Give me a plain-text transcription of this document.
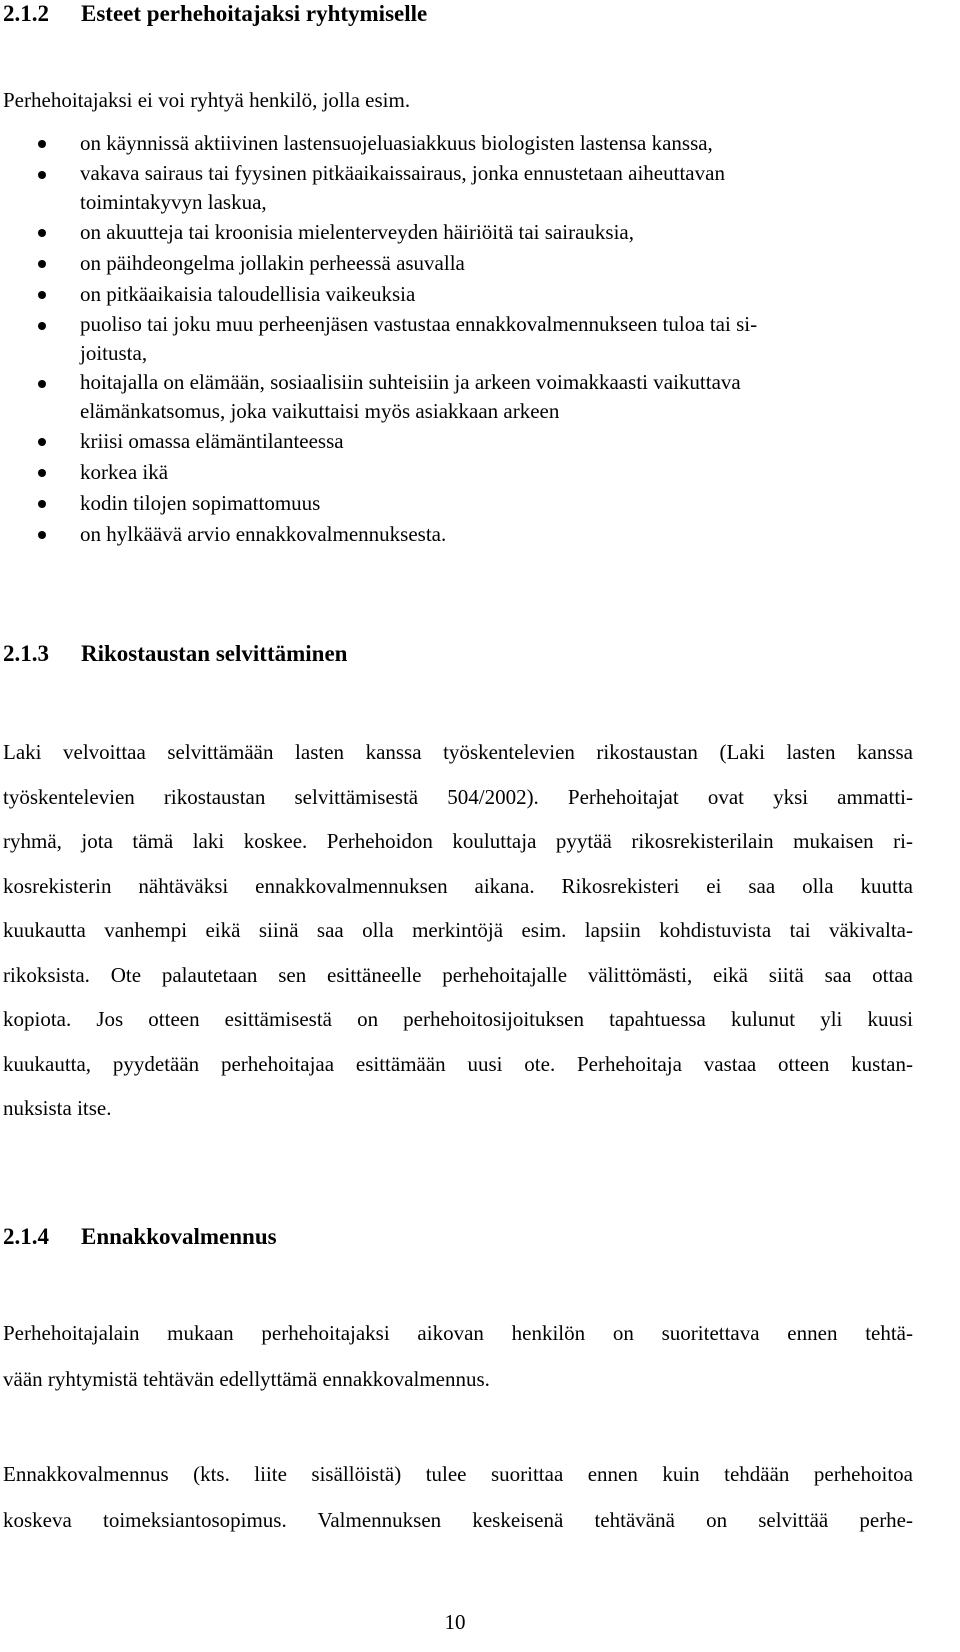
2.1.2 Esteet perhehoitajaksi ryhtymiselle
Perhehoitajaksi ei voi ryhtyä henkilö, jolla esim.
on käynnissä aktiivinen lastensuojeluasiakkuus biologisten lastensa kanssa,
vakava sairaus tai fyysinen pitkäaikaissairaus, jonka ennustetaan aiheuttavan
toimintakyvyn laskua,
on akuutteja tai kroonisia mielenterveyden häiriöitä tai sairauksia,
on päihdeongelma jollakin perheessä asuvalla
on pitkäaikaisia taloudellisia vaikeuksia
puoliso tai joku muu perheenjäsen vastustaa ennakkovalmennukseen tuloa tai si-
joitusta,
hoitajalla on elämään, sosiaalisiin suhteisiin ja arkeen voimakkaasti vaikuttava
elämänkatsomus, joka vaikuttaisi myös asiakkaan arkeen
kriisi omassa elämäntilanteessa
korkea ikä
kodin tilojen sopimattomuus
on hylkäävä arvio ennakkovalmennuksesta.
2.1.3 Rikostaustan selvittäminen
Laki velvoittaa selvittämään lasten kanssa työskentelevien rikostaustan (Laki lasten kanssa
työskentelevien rikostaustan selvittämisestä 504/2002). Perhehoitajat ovat yksi ammatti-
ryhmä, jota tämä laki koskee. Perhehoidon kouluttaja pyytää rikosrekisterilain mukaisen ri-
kosrekisterin nähtäväksi ennakkovalmennuksen aikana. Rikosrekisteri ei saa olla kuutta
kuukautta vanhempi eikä siinä saa olla merkintöjä esim. lapsiin kohdistuvista tai väkivalta-
rikoksista. Ote palautetaan sen esittäneelle perhehoitajalle välittömästi, eikä siitä saa ottaa
kopiota. Jos otteen esittämisestä on perhehoitosijoituksen tapahtuessa kulunut yli kuusi
kuukautta, pyydetään perhehoitajaa esittämään uusi ote. Perhehoitaja vastaa otteen kustan-
nuksista itse.
2.1.4 Ennakkovalmennus
Perhehoitajalain mukaan perhehoitajaksi aikovan henkilön on suoritettava ennen tehtä-
vään ryhtymistä tehtävän edellyttämä ennakkovalmennus.
Ennakkovalmennus (kts. liite sisällöistä) tulee suorittaa ennen kuin tehdään perhehoitoa
koskeva toimeksiantosopimus. Valmennuksen keskeisenä tehtävänä on selvittää perhe-
10
